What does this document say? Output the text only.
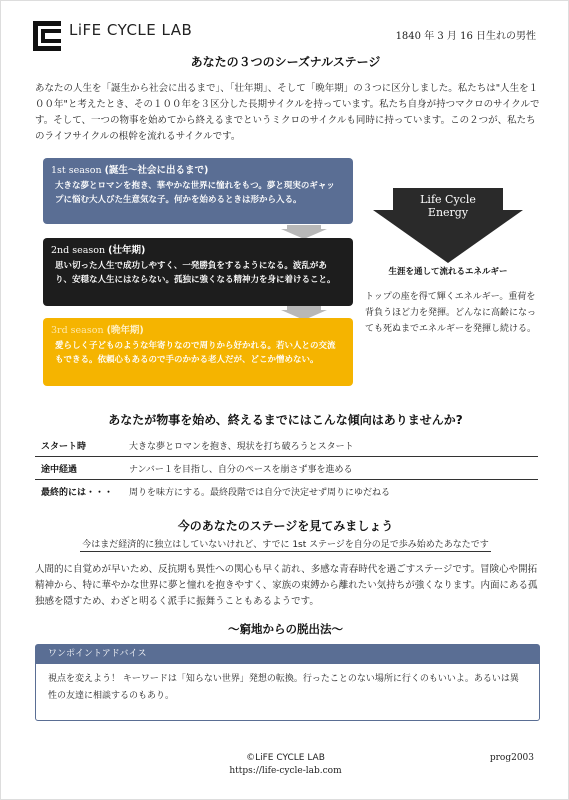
LiFE CYCLE LAB	1840 年 3 月 16 日生れの男性
あなたの３つのシーズナルステージ
あなたの人生を「誕生から社会に出るまで」、「壮年期」、そして「晩年期」の３つに区分しました。私たちは"人生を１００年"と考えたとき、その１００年を３区分した長期サイクルを持っています。私たち自身が持つマクロのサイクルです。そして、一つの物事を始めてから終えるまでというミクロのサイクルも同時に持っています。この２つが、私たちのライフサイクルの根幹を流れるサイクルです。
1st season (誕生〜社会に出るまで)
大きな夢とロマンを抱き、華やかな世界に憧れをもつ。夢と現実のギャップに悩む大人びた生意気な子。何かを始めるときは形から入る。
2nd season (壮年期)
思い切った人生で成功しやすく、一発勝負をするようになる。波乱があり、安穏な人生にはならない。孤独に強くなる精神力を身に着けること。
3rd season (晩年期)
愛らしく子どものような年寄りなので周りから好かれる。若い人との交流もできる。依頼心もあるので手のかかる老人だが、どこか憎めない。
Life Cycle
Energy
生涯を通して流れるエネルギー
トップの座を得て輝くエネルギー。重荷を背負うほど力を発揮。どんなに高齢になっても死ぬまでエネルギーを発揮し続ける。
あなたが物事を始め、終えるまでにはこんな傾向はありませんか?
スタート時	大きな夢とロマンを抱き、現状を打ち破ろうとスタート
途中経過	ナンバー１を目指し、自分のペースを崩さず事を進める
最終的には・・・ 周りを味方にする。最終段階では自分で決定せず周りにゆだねる
今のあなたのステージを見てみましょう
今はまだ経済的に独立はしていないけれど、すでに 1st ステージを自分の足で歩み始めたあなたです
人間的に自覚めが早いため、反抗期も異性への関心も早く訪れ、多感な青春時代を過ごすステージです。冒険心や開拓精神から、特に華やかな世界に夢と憧れを抱きやすく、家族の束縛から離れたい気持ちが強くなります。内面にある孤独感を隠すため、わざと明るく派手に振舞うこともあるようです。
〜窮地からの脱出法〜
ワンポイントアドバイス
視点を変えよう！ キーワードは「知らない世界」発想の転換。行ったことのない場所に行くのもいいよ。あるいは異性の友達に相談するのもあり。
©LiFE CYCLE LAB
https://life-cycle-lab.com
prog2003
